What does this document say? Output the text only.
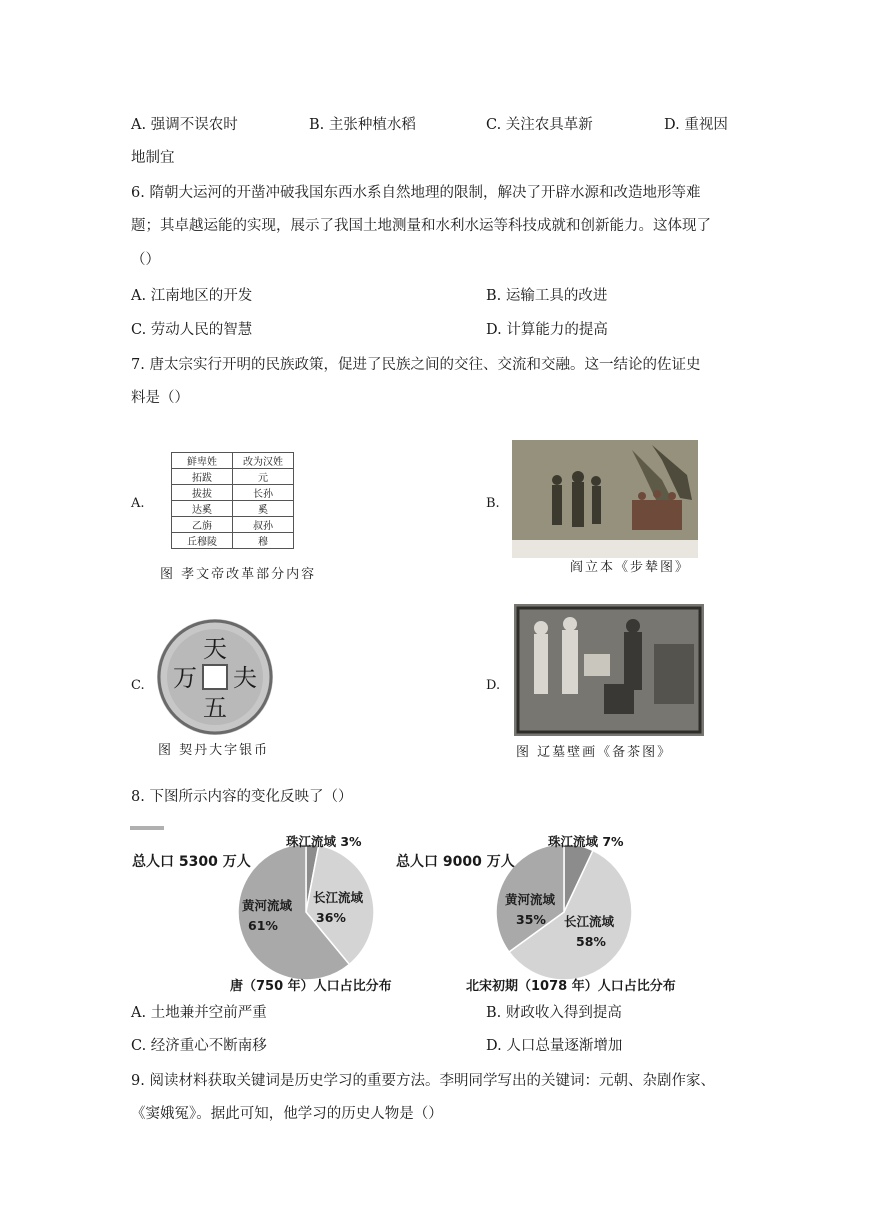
A. 强调不误农时	B. 主张种植水稻	C. 关注农具革新	D. 重视因
地制宜
6. 隋朝大运河的开凿冲破我国东西水系自然地理的限制，解决了开辟水源和改造地形等难
题；其卓越运能的实现，展示了我国土地测量和水利水运等科技成就和创新能力。这体现了
（）
A. 江南地区的开发	B. 运输工具的改进
C. 劳动人民的智慧	D. 计算能力的提高
7. 唐太宗实行开明的民族政策，促进了民族之间的交往、交流和交融。这一结论的佐证史
料是（）
A.
鲜卑姓	改为汉姓
拓跋	元
拔拔	长孙
达奚	奚
乙旃	叔孙
丘穆陵	穆
图 孝文帝改革部分内容
B.
阎立本《步辇图》
C.
天
万 夫
五
图 契丹大字银币
D.
图 辽墓壁画《备茶图》
8. 下图所示内容的变化反映了（）
总人口 5300 万人
珠江流域 3%
长江流域
36%
黄河流域
61%
唐（750 年）人口占比分布
总人口 9000 万人
珠江流域 7%
黄河流域
35% 长江流域
58%
北宋初期（1078 年）人口占比分布
A. 土地兼并空前严重	B. 财政收入得到提高
C. 经济重心不断南移	D. 人口总量逐渐增加
9. 阅读材料获取关键词是历史学习的重要方法。李明同学写出的关键词：元朝、杂剧作家、
《窦娥冤》。据此可知，他学习的历史人物是（）
